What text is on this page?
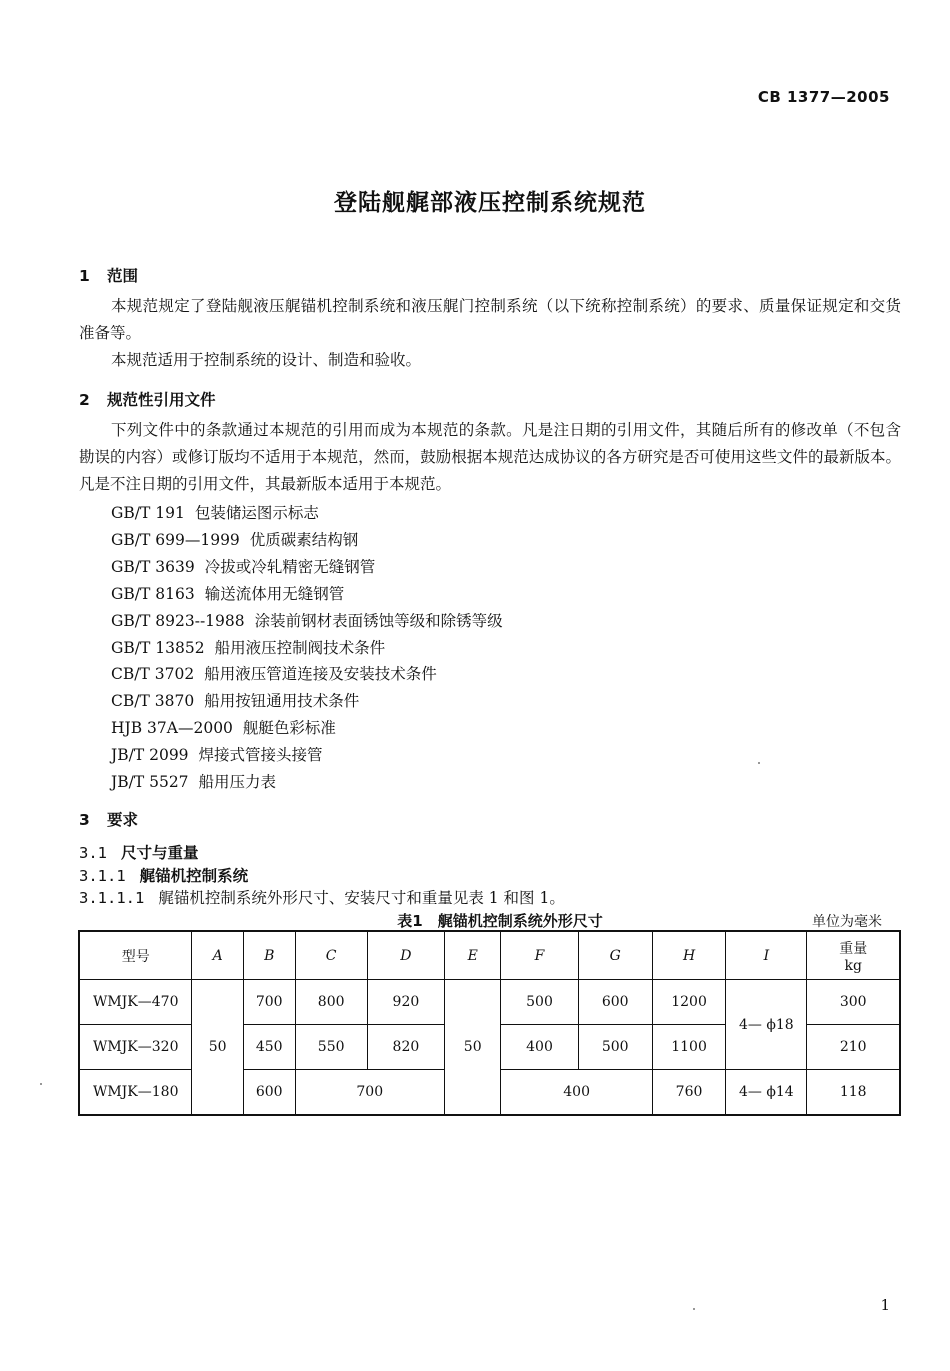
CB 1377—2005
登陆舰艉部液压控制系统规范
1 范围
本规范规定了登陆舰液压艉锚机控制系统和液压艉门控制系统（以下统称控制系统）的要求、质量保证规定和交货准备等。
本规范适用于控制系统的设计、制造和验收。
2 规范性引用文件
下列文件中的条款通过本规范的引用而成为本规范的条款。凡是注日期的引用文件，其随后所有的修改单（不包含勘误的内容）或修订版均不适用于本规范，然而，鼓励根据本规范达成协议的各方研究是否可使用这些文件的最新版本。凡是不注日期的引用文件，其最新版本适用于本规范。
GB/T 191 包装储运图示标志
GB/T 699—1999 优质碳素结构钢
GB/T 3639 冷拔或冷轧精密无缝钢管
GB/T 8163 输送流体用无缝钢管
GB/T 8923--1988 涂装前钢材表面锈蚀等级和除锈等级
GB/T 13852 船用液压控制阀技术条件
CB/T 3702 船用液压管道连接及安装技术条件
CB/T 3870 船用按钮通用技术条件
HJB 37A—2000 舰艇色彩标准
JB/T 2099 焊接式管接头接管
JB/T 5527 船用压力表
3 要求
3.1 尺寸与重量
3.1.1 艉锚机控制系统
3.1.1.1 艉锚机控制系统外形尺寸、安装尺寸和重量见表 1 和图 1。
表1　艉锚机控制系统外形尺寸	单位为毫米
型号	A	B	C	D	E	F	G	H	I	重量
kg

WMJK—470	50	700	800	920	50	500	600	1200	4— ϕ18	300
WMJK—320		450	550	820		400	500	1100		210
WMJK—180		600	700			400		760	4— ϕ14	118
1
